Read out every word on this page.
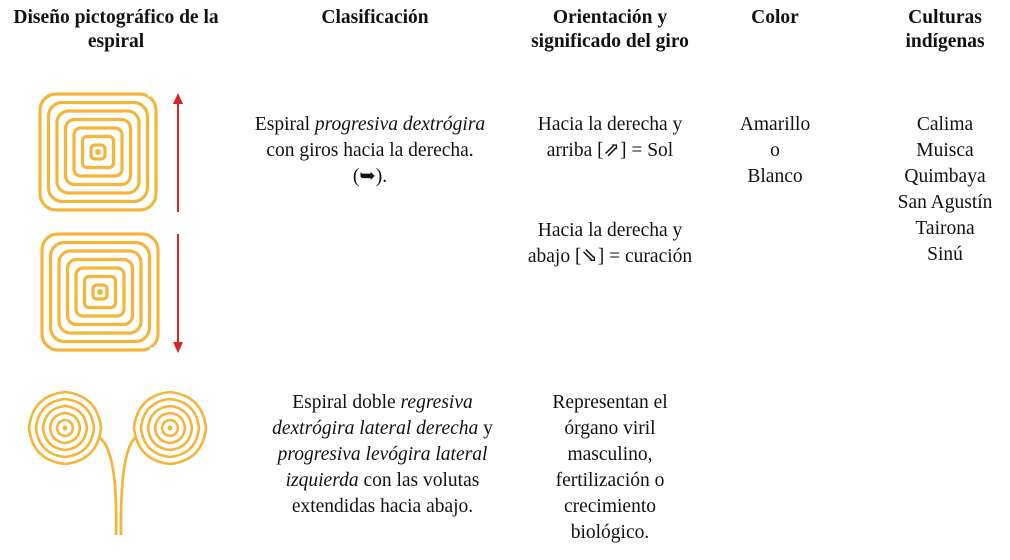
Diseño pictográfico de la espiral
Clasificación	Orientación y significado del giro
Color	Culturas indígenas
Espiral progresiva dextrógira con giros hacia la derecha. (➥).
Hacia la derecha y arriba [⇗] = Sol
Hacia la derecha y abajo [⇘] = curación
Amarillo
o
Blanco
Calima
Muisca
Quimbaya
San Agustín
Tairona
Sinú
Espiral doble regresiva dextrógira lateral derecha y progresiva levógira lateral izquierda con las volutas extendidas hacia abajo.
Representan el órgano viril masculino, fertilización o crecimiento biológico.
